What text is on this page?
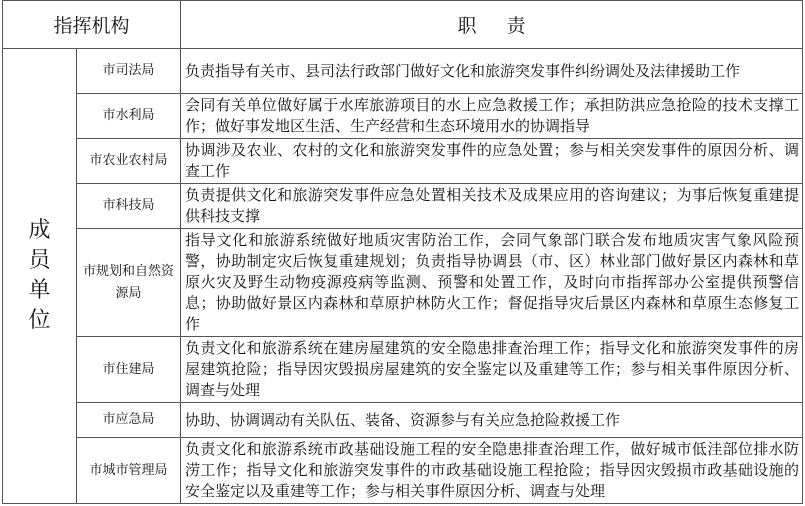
指挥机构		职责

成
员
单
位	市司法局	负责指导有关市、县司法行政部门做好文化和旅游突发事件纠纷调处及法律援助工作
	市水利局	会同有关单位做好属于水库旅游项目的水上应急救援工作；承担防洪应急抢险的技术支撑工作；做好事发地区生活、生产经营和生态环境用水的协调指导
	市农业农村局	协调涉及农业、农村的文化和旅游突发事件的应急处置；参与相关突发事件的原因分析、调查工作
	市科技局	负责提供文化和旅游突发事件应急处置相关技术及成果应用的咨询建议；为事后恢复重建提供科技支撑
	市规划和自然资源局	指导文化和旅游系统做好地质灾害防治工作，会同气象部门联合发布地质灾害气象风险预警，协助制定灾后恢复重建规划；负责指导协调县（市、区）林业部门做好景区内森林和草原火灾及野生动物疫源疫病等监测、预警和处置工作，及时向市指挥部办公室提供预警信息；协助做好景区内森林和草原护林防火工作；督促指导灾后景区内森林和草原生态修复工作
	市住建局	负责文化和旅游系统在建房屋建筑的安全隐患排查治理工作；指导文化和旅游突发事件的房屋建筑抢险；指导因灾毁损房屋建筑的安全鉴定以及重建等工作；参与相关事件原因分析、调查与处理
	市应急局	协助、协调调动有关队伍、装备、资源参与有关应急抢险救援工作
	市城市管理局	负责文化和旅游系统市政基础设施工程的安全隐患排查治理工作，做好城市低洼部位排水防涝工作；指导文化和旅游突发事件的市政基础设施工程抢险；指导因灾毁损市政基础设施的安全鉴定以及重建等工作；参与相关事件原因分析、调查与处理
